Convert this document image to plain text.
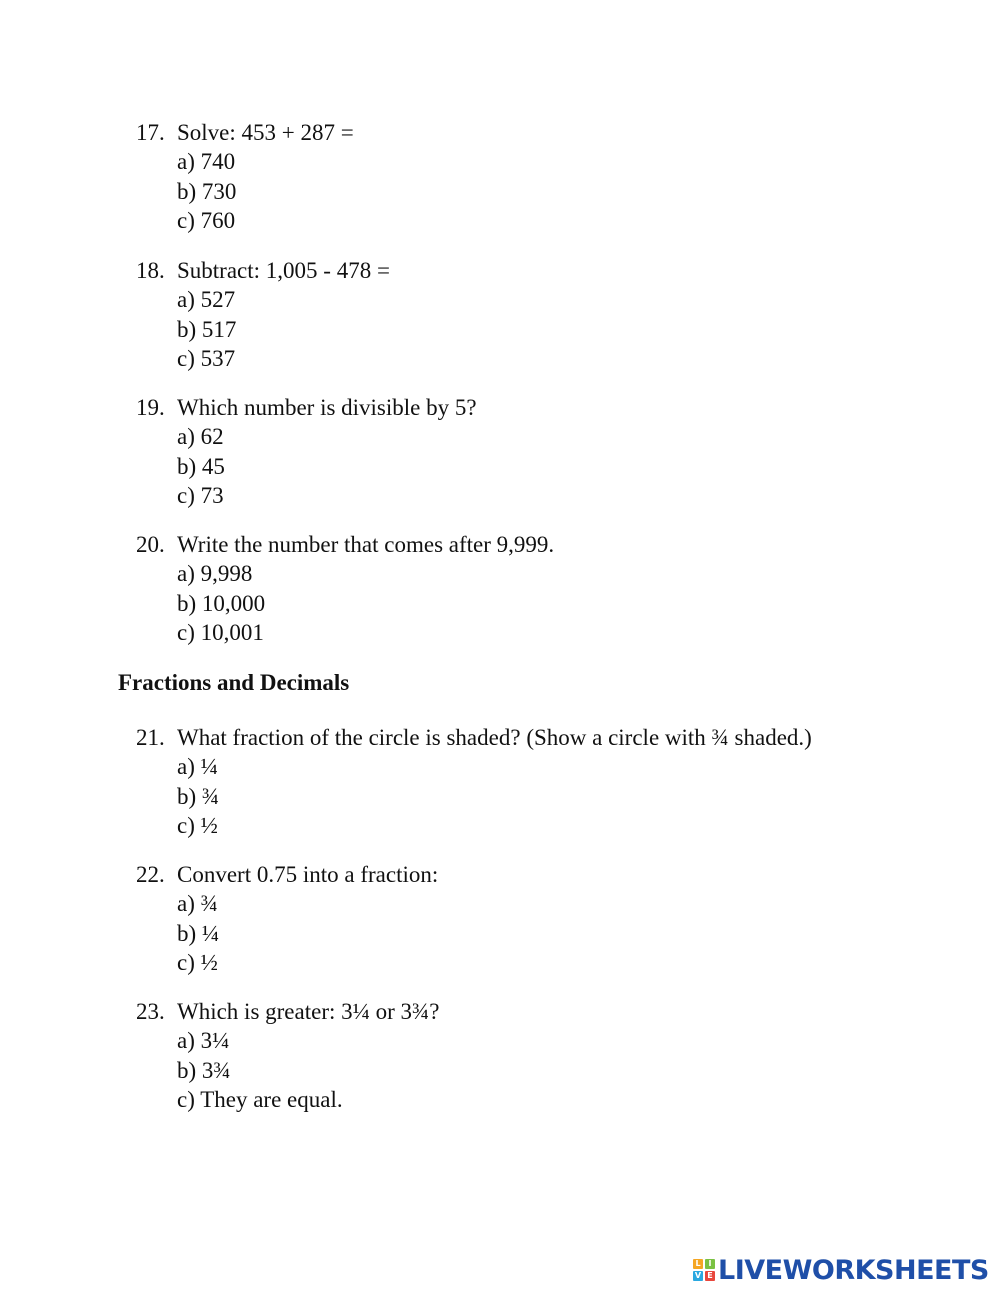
17. Solve: 453 + 287 =
a) 740
b) 730
c) 760
18. Subtract: 1,005 - 478 =
a) 527
b) 517
c) 537
19. Which number is divisible by 5?
a) 62
b) 45
c) 73
20. Write the number that comes after 9,999.
a) 9,998
b) 10,000
c) 10,001
Fractions and Decimals
21. What fraction of the circle is shaded? (Show a circle with ¾ shaded.)
a) ¼
b) ¾
c) ½
22. Convert 0.75 into a fraction:
a) ¾
b) ¼
c) ½
23. Which is greater: 3¼ or 3¾?
a) 3¼
b) 3¾
c) They are equal.
L I
V E LIVEWORKSHEETS
